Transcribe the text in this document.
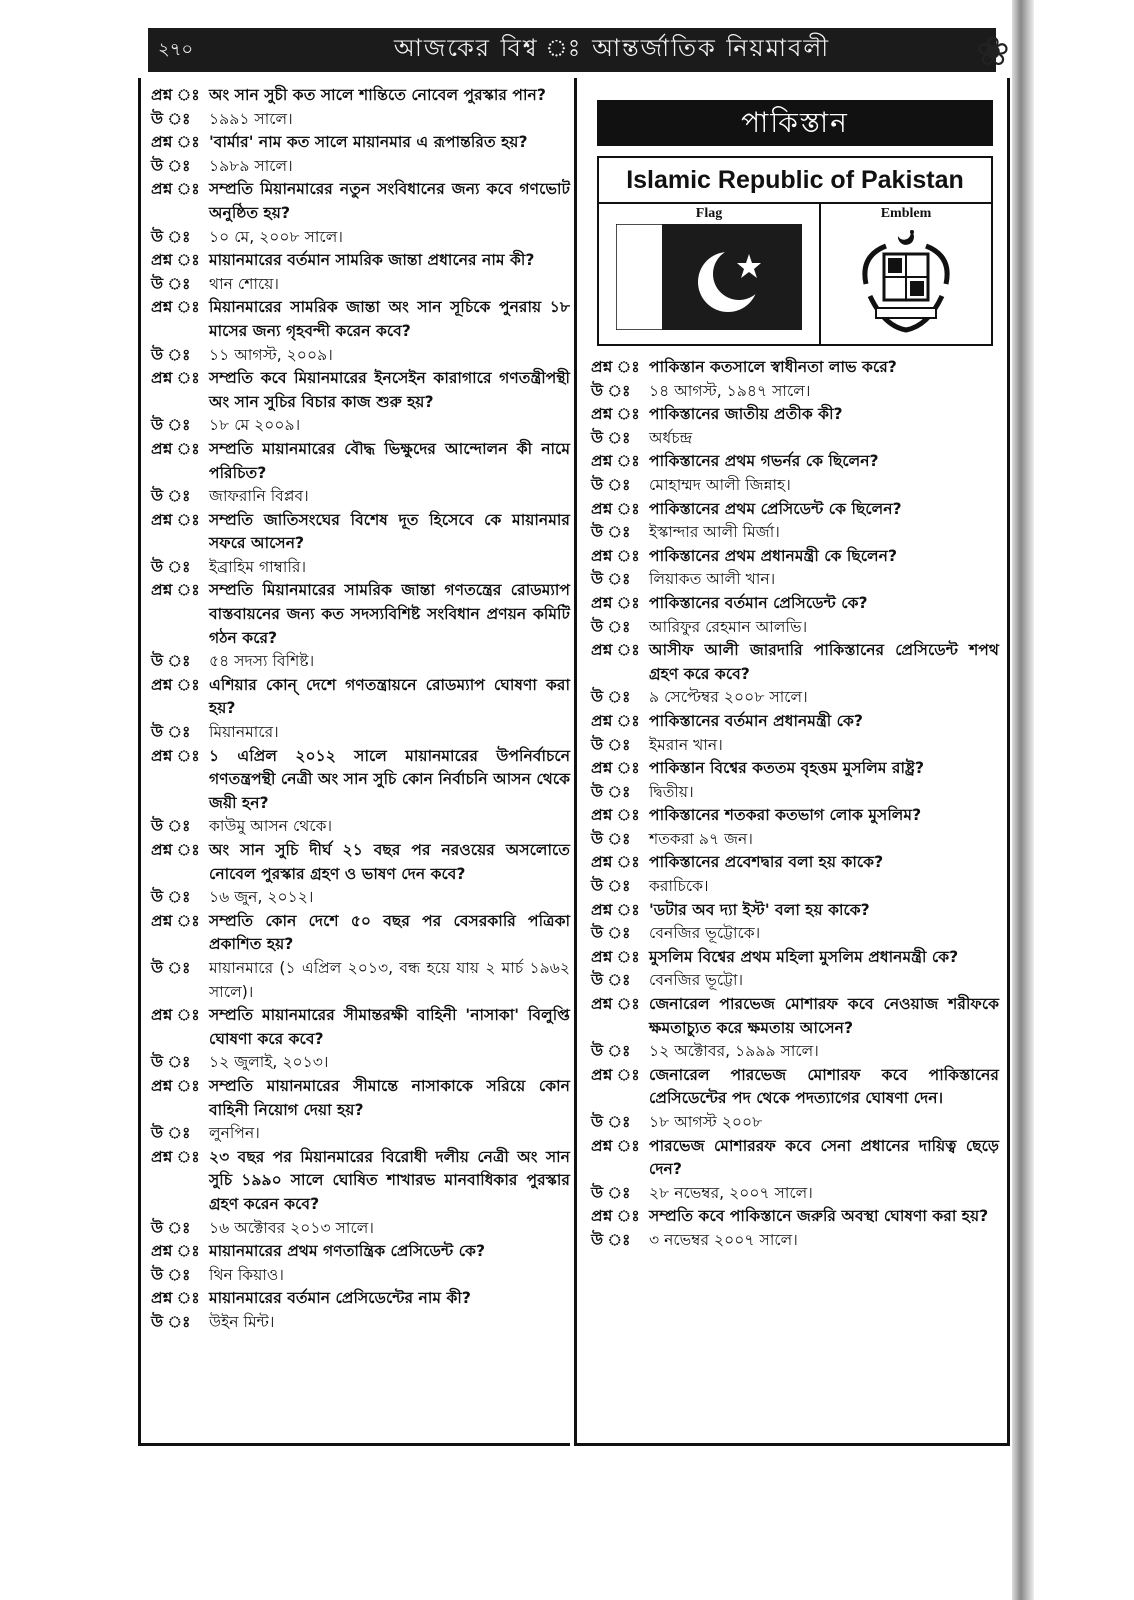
২৭০	আজকের বিশ্ব ঃ আন্তর্জাতিক নিয়মাবলী	❀
প্রশ্ন ঃ অং সান সুচী কত সালে শান্তিতে নোবেল পুরস্কার পান?
উ ঃ	১৯৯১ সালে।
প্রশ্ন ঃ 'বার্মার' নাম কত সালে মায়ানমার এ রূপান্তরিত হয়?
উ ঃ	১৯৮৯ সালে।
প্রশ্ন ঃ সম্প্রতি মিয়ানমারের নতুন সংবিধানের জন্য কবে গণভোট অনুষ্ঠিত হয়?
উ ঃ	১০ মে, ২০০৮ সালে।
প্রশ্ন ঃ মায়ানমারের বর্তমান সামরিক জান্তা প্রধানের নাম কী?
উ ঃ	থান শোয়ে।
প্রশ্ন ঃ মিয়ানমারের সামরিক জান্তা অং সান সূচিকে পুনরায় ১৮ মাসের জন্য গৃহবন্দী করেন কবে?
উ ঃ	১১ আগস্ট, ২০০৯।
প্রশ্ন ঃ সম্প্রতি কবে মিয়ানমারের ইনসেইন কারাগারে গণতন্ত্রীপন্থী অং সান সুচির বিচার কাজ শুরু হয়?
উ ঃ	১৮ মে ২০০৯।
প্রশ্ন ঃ সম্প্রতি মায়ানমারের বৌদ্ধ ভিক্ষুদের আন্দোলন কী নামে পরিচিত?
উ ঃ	জাফরানি বিপ্লব।
প্রশ্ন ঃ সম্প্রতি জাতিসংঘের বিশেষ দূত হিসেবে কে মায়ানমার সফরে আসেন?
উ ঃ	ইব্রাহিম গাম্বারি।
প্রশ্ন ঃ সম্প্রতি মিয়ানমারের সামরিক জান্তা গণতন্ত্রের রোডম্যাপ বাস্তবায়নের জন্য কত সদস্যবিশিষ্ট সংবিধান প্রণয়ন কমিটি গঠন করে?
উ ঃ	৫৪ সদস্য বিশিষ্ট।
প্রশ্ন ঃ এশিয়ার কোন্ দেশে গণতন্ত্রায়নে রোডম্যাপ ঘোষণা করা হয়?
উ ঃ	মিয়ানমারে।
প্রশ্ন ঃ ১ এপ্রিল ২০১২ সালে মায়ানমারের উপনির্বাচনে গণতন্ত্রপন্থী নেত্রী অং সান সুচি কোন নির্বাচনি আসন থেকে জয়ী হন?
উ ঃ	কাউমু আসন থেকে।
প্রশ্ন ঃ অং সান সুচি দীর্ঘ ২১ বছর পর নরওয়ের অসলোতে নোবেল পুরস্কার গ্রহণ ও ভাষণ দেন কবে?
উ ঃ	১৬ জুন, ২০১২।
প্রশ্ন ঃ সম্প্রতি কোন দেশে ৫০ বছর পর বেসরকারি পত্রিকা প্রকাশিত হয়?
উ ঃ	মায়ানমারে (১ এপ্রিল ২০১৩, বন্ধ হয়ে যায় ২ মার্চ ১৯৬২ সালে)।
প্রশ্ন ঃ সম্প্রতি মায়ানমারের সীমান্তরক্ষী বাহিনী 'নাসাকা' বিলুপ্তি ঘোষণা করে কবে?
উ ঃ	১২ জুলাই, ২০১৩।
প্রশ্ন ঃ সম্প্রতি মায়ানমারের সীমান্তে নাসাকাকে সরিয়ে কোন বাহিনী নিয়োগ দেয়া হয়?
উ ঃ	লুনপিন।
প্রশ্ন ঃ ২৩ বছর পর মিয়ানমারের বিরোধী দলীয় নেত্রী অং সান সুচি ১৯৯০ সালে ঘোষিত শাখারভ মানবাধিকার পুরস্কার গ্রহণ করেন কবে?
উ ঃ	১৬ অক্টোবর ২০১৩ সালে।
প্রশ্ন ঃ মায়ানমারের প্রথম গণতান্ত্রিক প্রেসিডেন্ট কে?
উ ঃ	থিন কিয়াও।
প্রশ্ন ঃ মায়ানমারের বর্তমান প্রেসিডেন্টের নাম কী?
উ ঃ	উইন মিন্ট।
পাকিস্তান
Islamic Republic of Pakistan
Flag	Emblem
প্রশ্ন ঃ পাকিস্তান কতসালে স্বাধীনতা লাভ করে?
উ ঃ	১৪ আগস্ট, ১৯৪৭ সালে।
প্রশ্ন ঃ পাকিস্তানের জাতীয় প্রতীক কী?
উ ঃ	অর্ধচন্দ্র
প্রশ্ন ঃ পাকিস্তানের প্রথম গভর্নর কে ছিলেন?
উ ঃ	মোহাম্মদ আলী জিন্নাহ।
প্রশ্ন ঃ পাকিস্তানের প্রথম প্রেসিডেন্ট কে ছিলেন?
উ ঃ	ইস্কান্দার আলী মির্জা।
প্রশ্ন ঃ পাকিস্তানের প্রথম প্রধানমন্ত্রী কে ছিলেন?
উ ঃ	লিয়াকত আলী খান।
প্রশ্ন ঃ পাকিস্তানের বর্তমান প্রেসিডেন্ট কে?
উ ঃ	আরিফুর রেহমান আলভি।
প্রশ্ন ঃ আসীফ আলী জারদারি পাকিস্তানের প্রেসিডেন্ট শপথ গ্রহণ করে কবে?
উ ঃ	৯ সেপ্টেম্বর ২০০৮ সালে।
প্রশ্ন ঃ পাকিস্তানের বর্তমান প্রধানমন্ত্রী কে?
উ ঃ	ইমরান খান।
প্রশ্ন ঃ পাকিস্তান বিশ্বের কততম বৃহত্তম মুসলিম রাষ্ট্র?
উ ঃ	দ্বিতীয়।
প্রশ্ন ঃ পাকিস্তানের শতকরা কতভাগ লোক মুসলিম?
উ ঃ	শতকরা ৯৭ জন।
প্রশ্ন ঃ পাকিস্তানের প্রবেশদ্বার বলা হয় কাকে?
উ ঃ	করাচিকে।
প্রশ্ন ঃ 'ডটার অব দ্যা ইস্ট' বলা হয় কাকে?
উ ঃ	বেনজির ভূট্টোকে।
প্রশ্ন ঃ মুসলিম বিশ্বের প্রথম মহিলা মুসলিম প্রধানমন্ত্রী কে?
উ ঃ	বেনজির ভূট্টো।
প্রশ্ন ঃ জেনারেল পারভেজ মোশারফ কবে নেওয়াজ শরীফকে ক্ষমতাচ্যুত করে ক্ষমতায় আসেন?
উ ঃ	১২ অক্টোবর, ১৯৯৯ সালে।
প্রশ্ন ঃ জেনারেল পারভেজ মোশারফ কবে পাকিস্তানের প্রেসিডেন্টের পদ থেকে পদত্যাগের ঘোষণা দেন।
উ ঃ	১৮ আগস্ট ২০০৮
প্রশ্ন ঃ পারভেজ মোশাররফ কবে সেনা প্রধানের দায়িত্ব ছেড়ে দেন?
উ ঃ	২৮ নভেম্বর, ২০০৭ সালে।
প্রশ্ন ঃ সম্প্রতি কবে পাকিস্তানে জরুরি অবস্থা ঘোষণা করা হয়?
উ ঃ	৩ নভেম্বর ২০০৭ সালে।
